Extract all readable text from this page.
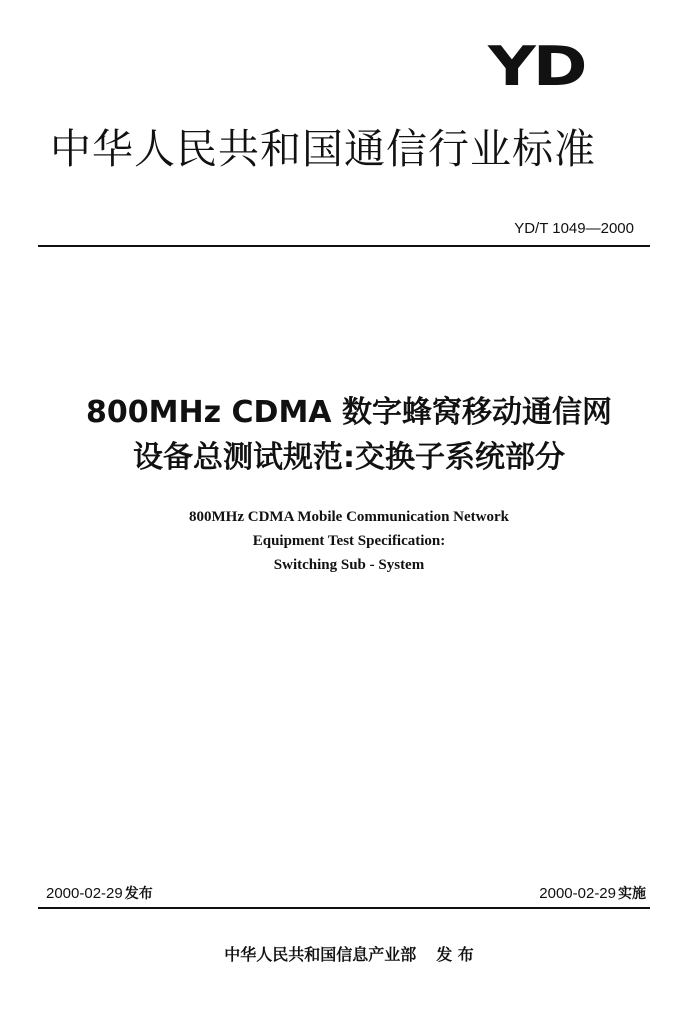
YD
中华人民共和国通信行业标准
YD/T 1049—2000
800MHz CDMA 数字蜂窝移动通信网
设备总测试规范:交换子系统部分
800MHz CDMA Mobile Communication Network
Equipment Test Specification:
Switching Sub - System
2000-02-29 发布	2000-02-29 实施
中华人民共和国信息产业部 发 布
